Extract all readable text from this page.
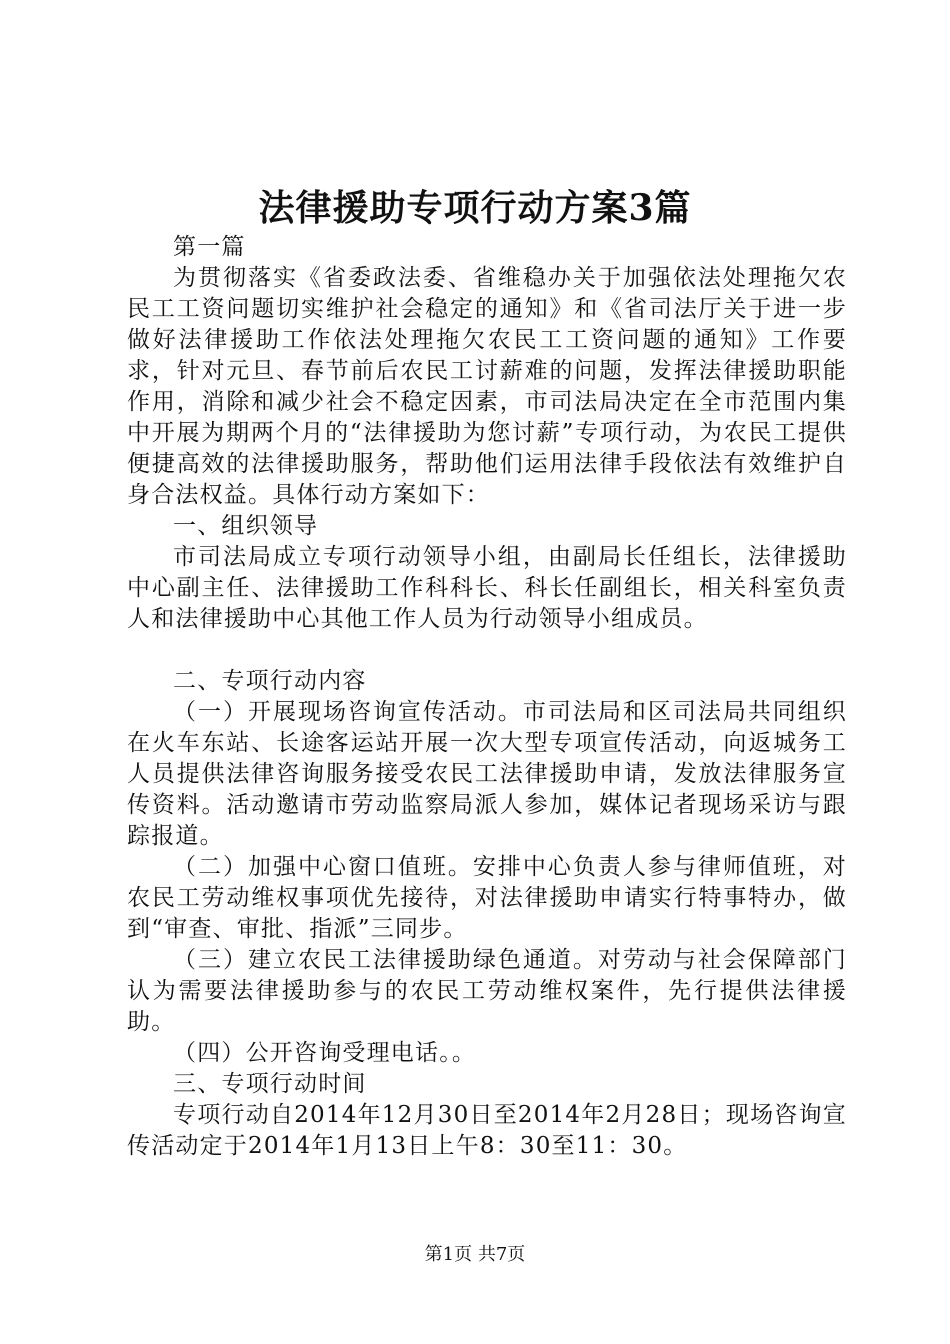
法律援助专项行动方案3篇

第一篇

为贯彻落实《省委政法委、省维稳办关于加强依法处理拖欠农民工工资问题切实维护社会稳定的通知》和《省司法厅关于进一步做好法律援助工作依法处理拖欠农民工工资问题的通知》工作要求，针对元旦、春节前后农民工讨薪难的问题，发挥法律援助职能作用，消除和减少社会不稳定因素，市司法局决定在全市范围内集中开展为期两个月的“法律援助为您讨薪”专项行动，为农民工提供便捷高效的法律援助服务，帮助他们运用法律手段依法有效维护自身合法权益。具体行动方案如下：

一、组织领导

市司法局成立专项行动领导小组，由副局长任组长，法律援助中心副主任、法律援助工作科科长、科长任副组长，相关科室负责人和法律援助中心其他工作人员为行动领导小组成员。

二、专项行动内容

（一）开展现场咨询宣传活动。市司法局和区司法局共同组织在火车东站、长途客运站开展一次大型专项宣传活动，向返城务工人员提供法律咨询服务接受农民工法律援助申请，发放法律服务宣传资料。活动邀请市劳动监察局派人参加，媒体记者现场采访与跟踪报道。

（二）加强中心窗口值班。安排中心负责人参与律师值班，对农民工劳动维权事项优先接待，对法律援助申请实行特事特办，做到“审查、审批、指派”三同步。

（三）建立农民工法律援助绿色通道。对劳动与社会保障部门认为需要法律援助参与的农民工劳动维权案件，先行提供法律援助。

（四）公开咨询受理电话。。

三、专项行动时间

专项行动自2014年12月30日至2014年2月28日；现场咨询宣传活动定于2014年1月13日上午8：30至11：30。

第1页 共7页
